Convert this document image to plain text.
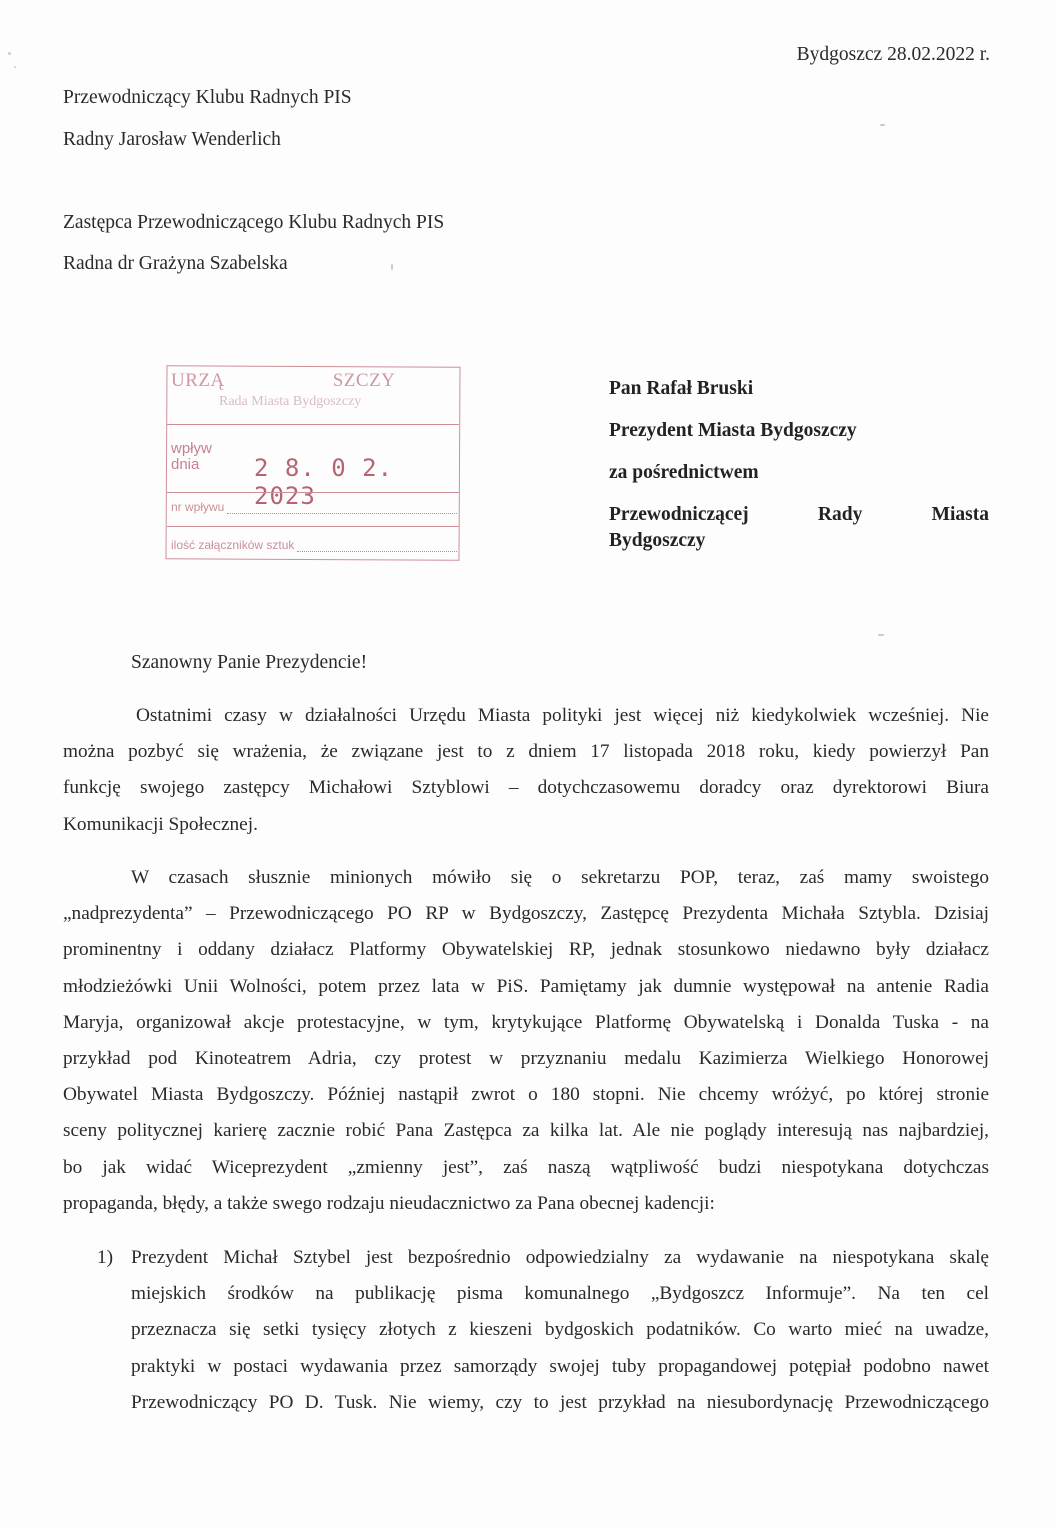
Bydgoszcz 28.02.2022 r.
Przewodniczący Klubu Radnych PIS
Radny Jarosław Wenderlich
Zastępca Przewodniczącego Klubu Radnych PIS
Radna dr Grażyna Szabelska
URZĄ	SZCZY
Rada Miasta Bydgoszczy
wpływ
dnia	2 8. 0 2. 2023
nr wpływu
ilość załączników sztuk
Pan Rafał Bruski
Prezydent Miasta Bydgoszczy
za pośrednictwem
Przewodniczącej	Rady	Miasta
Bydgoszczy
Szanowny Panie Prezydencie!
Ostatnimi czasy w działalności Urzędu Miasta polityki jest więcej niż kiedykolwiek wcześniej. Nie
można pozbyć się wrażenia, że związane jest to z dniem 17 listopada 2018 roku, kiedy powierzył Pan
funkcję swojego zastępcy Michałowi Sztyblowi – dotychczasowemu doradcy oraz dyrektorowi Biura
Komunikacji Społecznej.
W czasach słusznie minionych mówiło się o sekretarzu POP, teraz, zaś mamy swoistego
„nadprezydenta” – Przewodniczącego PO RP w Bydgoszczy, Zastępcę Prezydenta Michała Sztybla. Dzisiaj
prominentny i oddany działacz Platformy Obywatelskiej RP, jednak stosunkowo niedawno były działacz
młodzieżówki Unii Wolności, potem przez lata w PiS. Pamiętamy jak dumnie występował na antenie Radia
Maryja, organizował akcje protestacyjne, w tym, krytykujące Platformę Obywatelską i Donalda Tuska - na
przykład pod Kinoteatrem Adria, czy protest w przyznaniu medalu Kazimierza Wielkiego Honorowej
Obywatel Miasta Bydgoszczy. Później nastąpił zwrot o 180 stopni. Nie chcemy wróżyć, po której stronie
sceny politycznej karierę zacznie robić Pana Zastępca za kilka lat. Ale nie poglądy interesują nas najbardziej,
bo jak widać Wiceprezydent „zmienny jest”, zaś naszą wątpliwość budzi niespotykana dotychczas
propaganda, błędy, a także swego rodzaju nieudacznictwo za Pana obecnej kadencji:
1) Prezydent Michał Sztybel jest bezpośrednio odpowiedzialny za wydawanie na niespotykana skalę
miejskich środków na publikację pisma komunalnego „Bydgoszcz Informuje”. Na ten cel
przeznacza się setki tysięcy złotych z kieszeni bydgoskich podatników. Co warto mieć na uwadze,
praktyki w postaci wydawania przez samorządy swojej tuby propagandowej potępiał podobno nawet
Przewodniczący PO D. Tusk. Nie wiemy, czy to jest przykład na niesubordynację Przewodniczącego
